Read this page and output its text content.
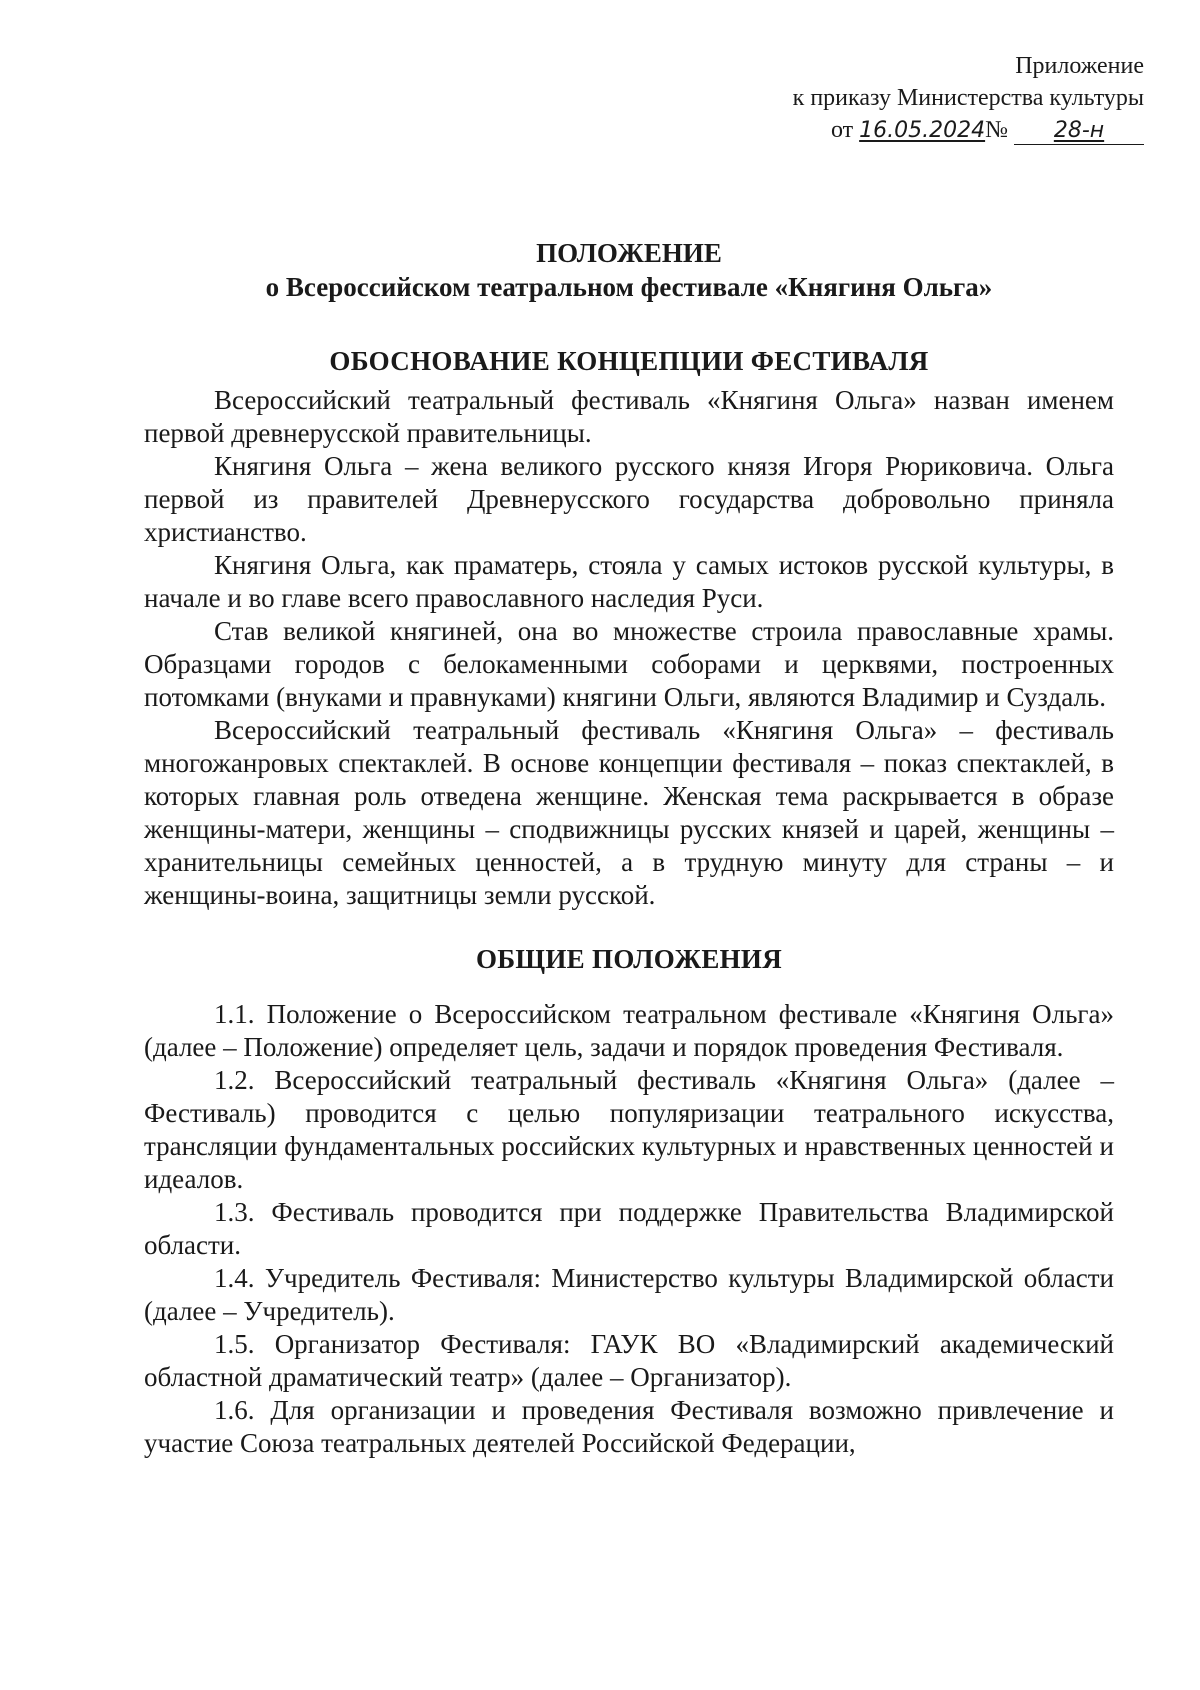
Приложение
к приказу Министерства культуры
от 16.05.2024№ 28-н
ПОЛОЖЕНИЕ
о Всероссийском театральном фестивале «Княгиня Ольга»
ОБОСНОВАНИЕ КОНЦЕПЦИИ ФЕСТИВАЛЯ

Всероссийский театральный фестиваль «Княгиня Ольга» назван именем первой древнерусской правительницы.

Княгиня Ольга – жена великого русского князя Игоря Рюриковича. Ольга первой из правителей Древнерусского государства добровольно приняла христианство.

Княгиня Ольга, как праматерь, стояла у самых истоков русской культуры, в начале и во главе всего православного наследия Руси.

Став великой княгиней, она во множестве строила православные храмы. Образцами городов с белокаменными соборами и церквями, построенных потомками (внуками и правнуками) княгини Ольги, являются Владимир и Суздаль.

Всероссийский театральный фестиваль «Княгиня Ольга» – фестиваль многожанровых спектаклей. В основе концепции фестиваля – показ спектаклей, в которых главная роль отведена женщине. Женская тема раскрывается в образе женщины-матери, женщины – сподвижницы русских князей и царей, женщины – хранительницы семейных ценностей, а в трудную минуту для страны – и женщины-воина, защитницы земли русской.

ОБЩИЕ ПОЛОЖЕНИЯ

1.1. Положение о Всероссийском театральном фестивале «Княгиня Ольга» (далее – Положение) определяет цель, задачи и порядок проведения Фестиваля.

1.2. Всероссийский театральный фестиваль «Княгиня Ольга» (далее – Фестиваль) проводится с целью популяризации театрального искусства, трансляции фундаментальных российских культурных и нравственных ценностей и идеалов.

1.3. Фестиваль проводится при поддержке Правительства Владимирской области.

1.4. Учредитель Фестиваля: Министерство культуры Владимирской области (далее – Учредитель).

1.5. Организатор Фестиваля: ГАУК ВО «Владимирский академический областной драматический театр» (далее – Организатор).

1.6. Для организации и проведения Фестиваля возможно привлечение и участие Союза театральных деятелей Российской Федерации,
